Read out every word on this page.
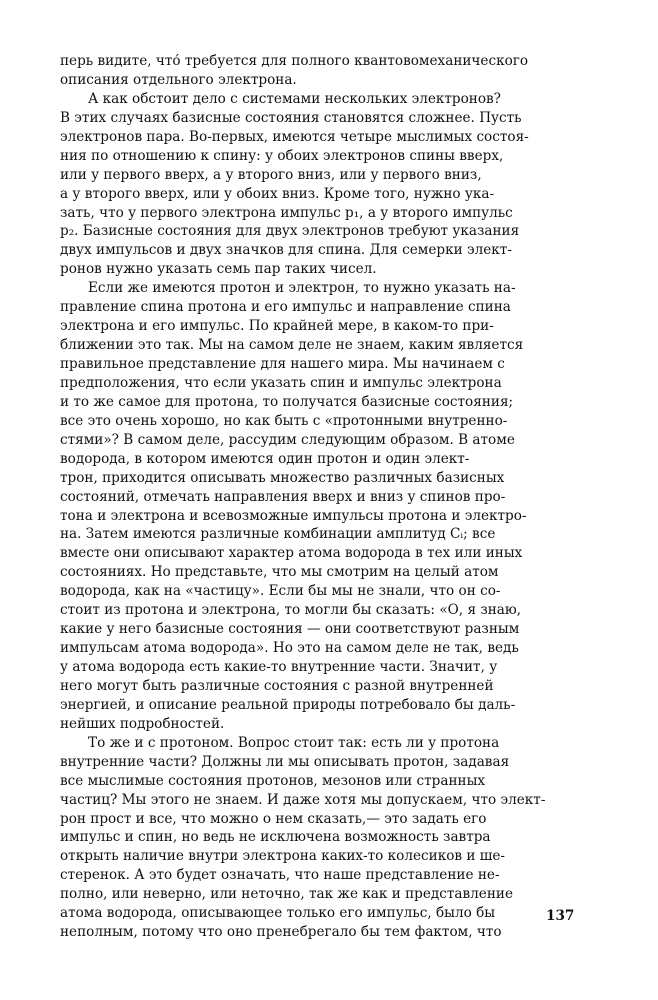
перь видите, что́ требуется для полного квантовомеханического
описания отдельного электрона.
А как обстоит дело с системами нескольких электронов?
В этих случаях базисные состояния становятся сложнее. Пусть
электронов пара. Во-первых, имеются четыре мыслимых состоя-
ния по отношению к спину: у обоих электронов спины вверх,
или у первого вверх, а у второго вниз, или у первого вниз,
а у второго вверх, или у обоих вниз. Кроме того, нужно ука-
зать, что у первого электрона импульс p₁, а у второго импульс
p₂. Базисные состояния для двух электронов требуют указания
двух импульсов и двух значков для спина. Для семерки элект-
ронов нужно указать семь пар таких чисел.
Если же имеются протон и электрон, то нужно указать на-
правление спина протона и его импульс и направление спина
электрона и его импульс. По крайней мере, в каком-то при-
ближении это так. Мы на самом деле не знаем, каким является
правильное представление для нашего мира. Мы начинаем с
предположения, что если указать спин и импульс электрона
и то же самое для протона, то получатся базисные состояния;
все это очень хорошо, но как быть с «протонными внутренно-
стями»? В самом деле, рассудим следующим образом. В атоме
водорода, в котором имеются один протон и один элект-
трон, приходится описывать множество различных базисных
состояний, отмечать направления вверх и вниз у спинов про-
тона и электрона и всевозможные импульсы протона и электро-
на. Затем имеются различные комбинации амплитуд Cᵢ; все
вместе они описывают характер атома водорода в тех или иных
состояниях. Но представьте, что мы смотрим на целый атом
водорода, как на «частицу». Если бы мы не знали, что он со-
стоит из протона и электрона, то могли бы сказать: «О, я знаю,
какие у него базисные состояния — они соответствуют разным
импульсам атома водорода». Но это на самом деле не так, ведь
у атома водорода есть какие-то внутренние части. Значит, у
него могут быть различные состояния с разной внутренней
энергией, и описание реальной природы потребовало бы даль-
нейших подробностей.
То же и с протоном. Вопрос стоит так: есть ли у протона
внутренние части? Должны ли мы описывать протон, задавая
все мыслимые состояния протонов, мезонов или странных
частиц? Мы этого не знаем. И даже хотя мы допускаем, что элект-
рон прост и все, что можно о нем сказать,— это задать его
импульс и спин, но ведь не исключена возможность завтра
открыть наличие внутри электрона каких-то колесиков и ше-
стеренок. А это будет означать, что наше представление не-
полно, или неверно, или неточно, так же как и представление
атома водорода, описывающее только его импульс, было бы
неполным, потому что оно пренебрегало бы тем фактом, что
137
